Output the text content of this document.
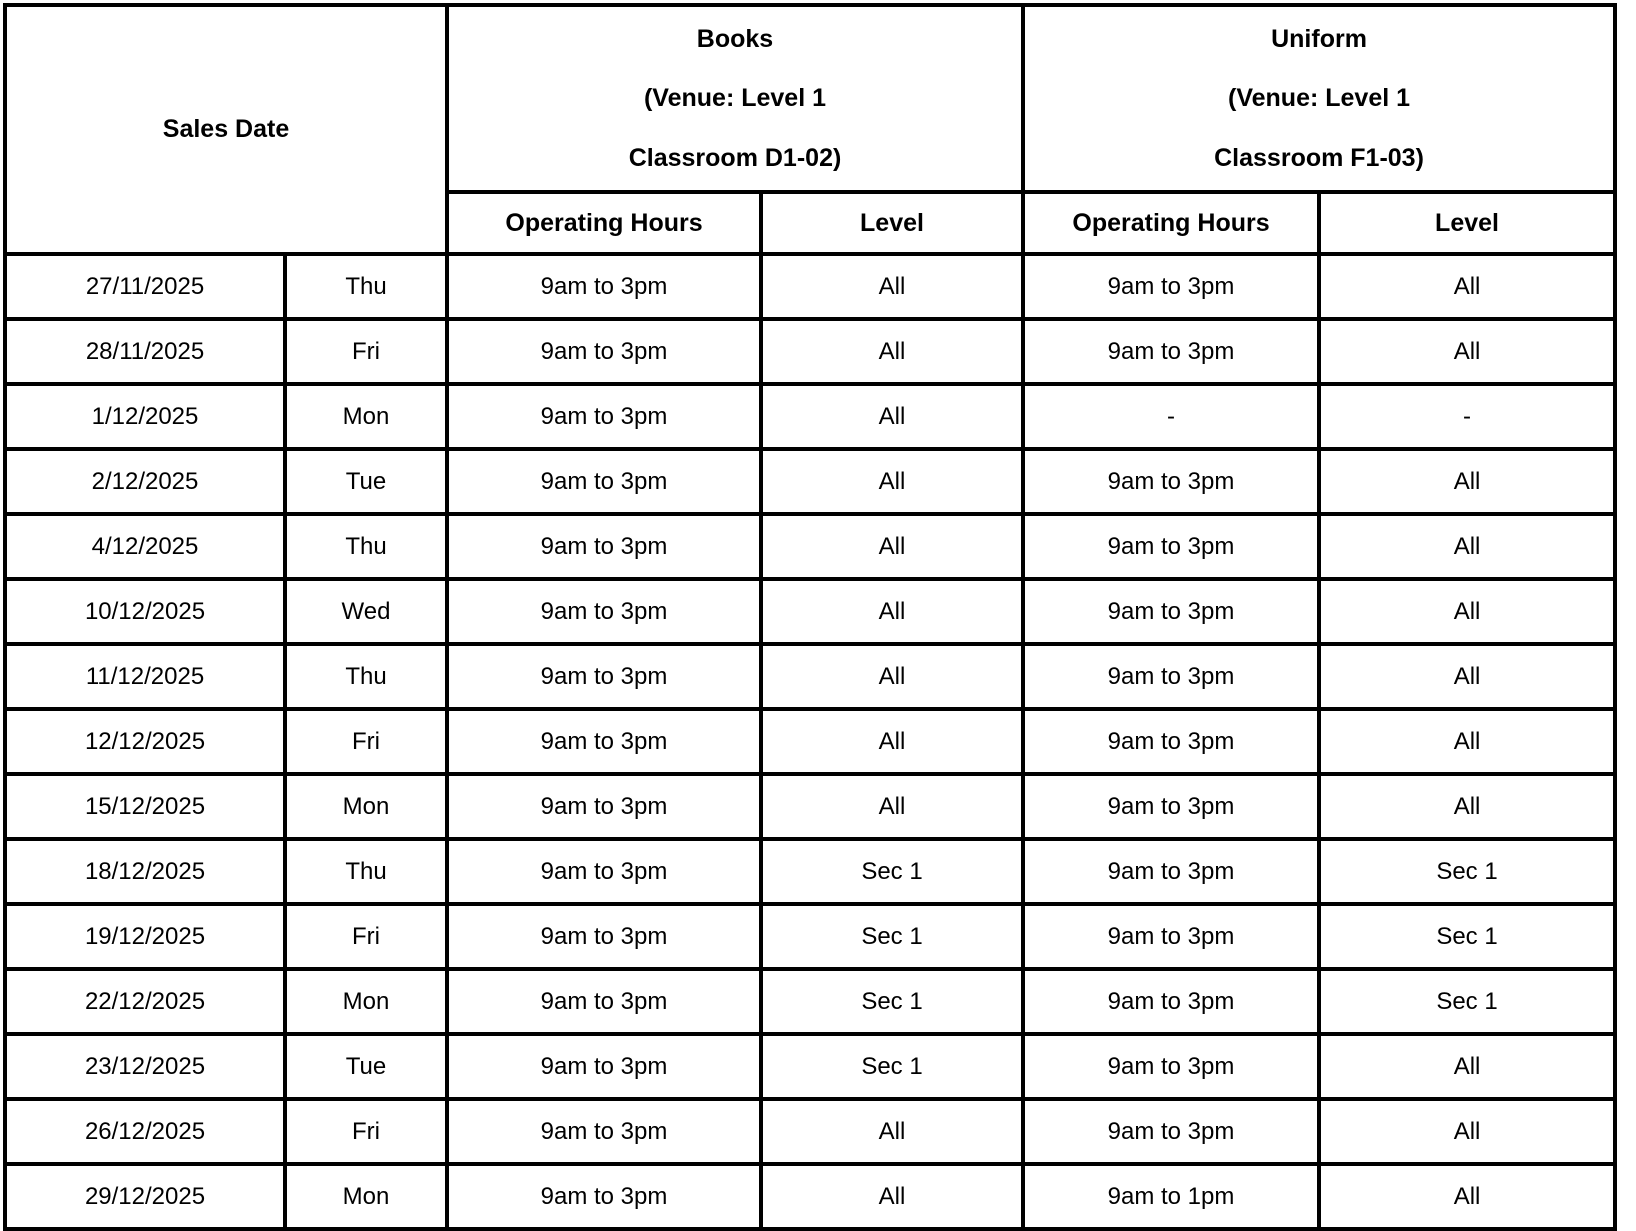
Sales Date		Books
(Venue: Level 1
Classroom D1-02)		Uniform
(Venue: Level 1
Classroom F1-03)	

		Operating Hours	Level	Operating Hours	Level
27/11/2025	Thu	9am to 3pm	All	9am to 3pm	All
28/11/2025	Fri	9am to 3pm	All	9am to 3pm	All
1/12/2025	Mon	9am to 3pm	All	-	-
2/12/2025	Tue	9am to 3pm	All	9am to 3pm	All
4/12/2025	Thu	9am to 3pm	All	9am to 3pm	All
10/12/2025	Wed	9am to 3pm	All	9am to 3pm	All
11/12/2025	Thu	9am to 3pm	All	9am to 3pm	All
12/12/2025	Fri	9am to 3pm	All	9am to 3pm	All
15/12/2025	Mon	9am to 3pm	All	9am to 3pm	All
18/12/2025	Thu	9am to 3pm	Sec 1	9am to 3pm	Sec 1
19/12/2025	Fri	9am to 3pm	Sec 1	9am to 3pm	Sec 1
22/12/2025	Mon	9am to 3pm	Sec 1	9am to 3pm	Sec 1
23/12/2025	Tue	9am to 3pm	Sec 1	9am to 3pm	All
26/12/2025	Fri	9am to 3pm	All	9am to 3pm	All
29/12/2025	Mon	9am to 3pm	All	9am to 1pm	All
